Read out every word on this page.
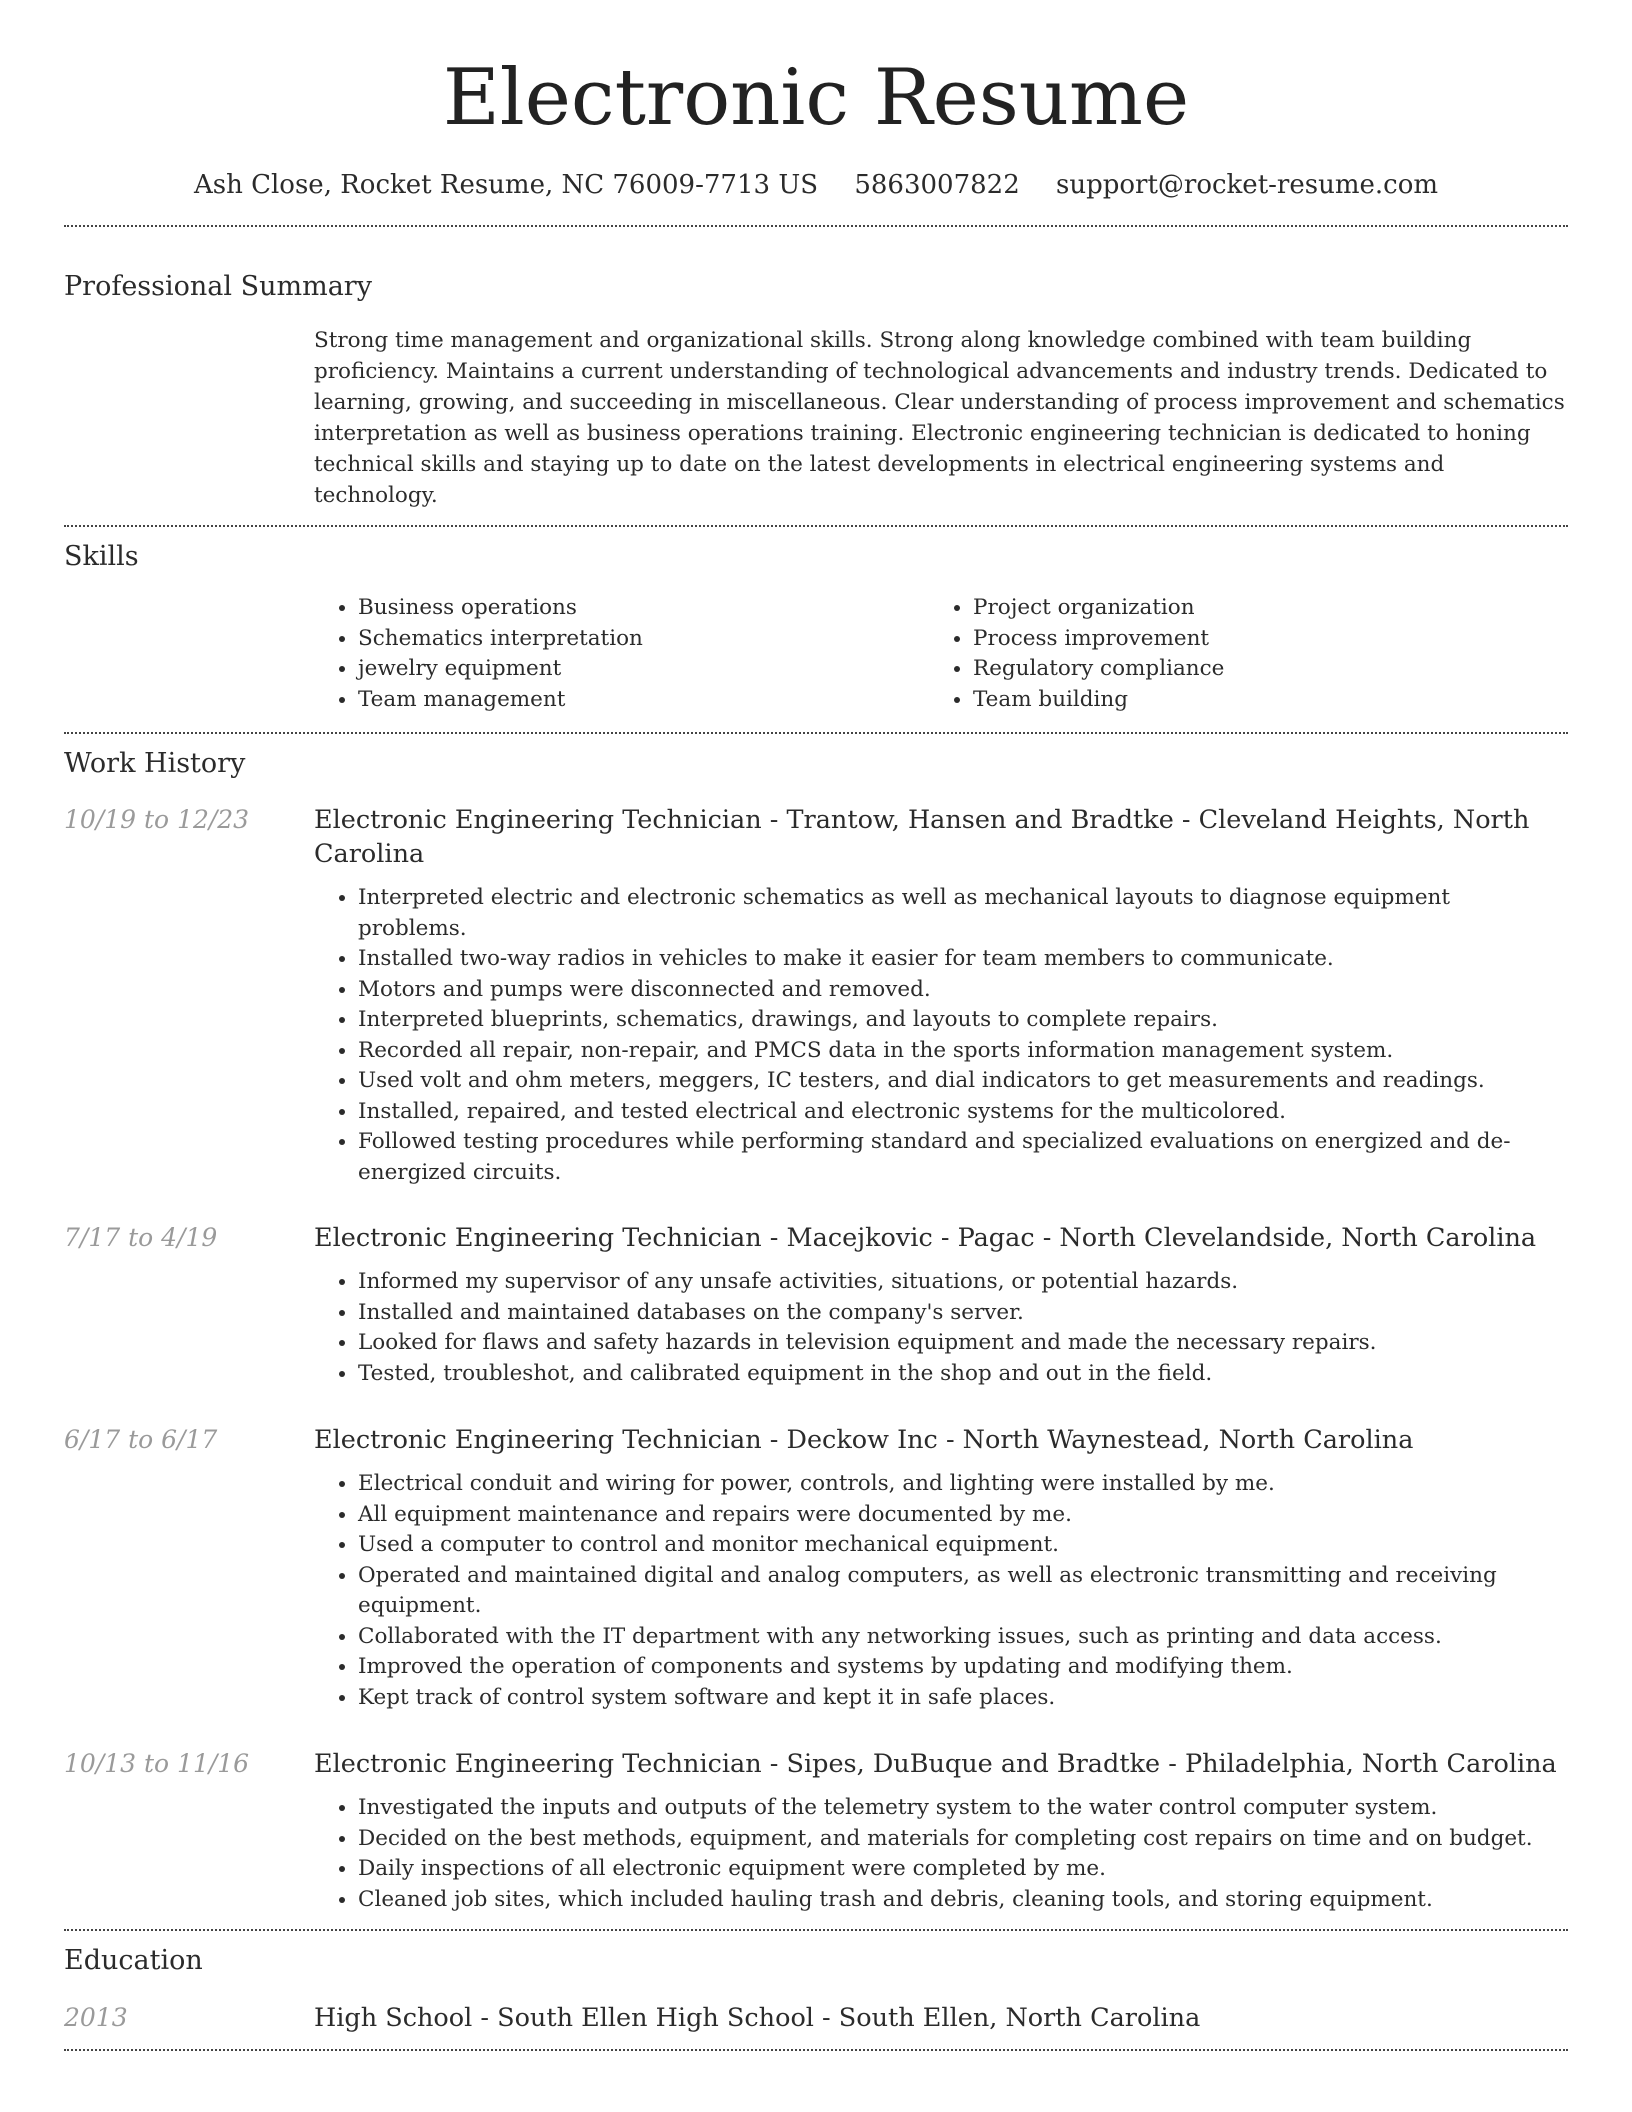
Electronic Resume
Ash Close, Rocket Resume, NC 76009-7713 US 5863007822 support@rocket-resume.com
Professional Summary

Strong time management and organizational skills. Strong along knowledge combined with team building proficiency. Maintains a current understanding of technological advancements and industry trends. Dedicated to learning, growing, and succeeding in miscellaneous. Clear understanding of process improvement and schematics interpretation as well as business operations training. Electronic engineering technician is dedicated to honing technical skills and staying up to date on the latest developments in electrical engineering systems and technology.

Skills
• Business operations
• Schematics interpretation
• jewelry equipment
• Team management
• Project organization
• Process improvement
• Regulatory compliance
• Team building
Work History
10/19 to 12/23	Electronic Engineering Technician - Trantow, Hansen and Bradtke - Cleveland Heights, North Carolina
• Interpreted electric and electronic schematics as well as mechanical layouts to diagnose equipment problems.
• Installed two-way radios in vehicles to make it easier for team members to communicate.
• Motors and pumps were disconnected and removed.
• Interpreted blueprints, schematics, drawings, and layouts to complete repairs.
• Recorded all repair, non-repair, and PMCS data in the sports information management system.
• Used volt and ohm meters, meggers, IC testers, and dial indicators to get measurements and readings.
• Installed, repaired, and tested electrical and electronic systems for the multicolored.
• Followed testing procedures while performing standard and specialized evaluations on energized and de-energized circuits.
7/17 to 4/19	Electronic Engineering Technician - Macejkovic - Pagac - North Clevelandside, North Carolina
• Informed my supervisor of any unsafe activities, situations, or potential hazards.
• Installed and maintained databases on the company's server.
• Looked for flaws and safety hazards in television equipment and made the necessary repairs.
• Tested, troubleshot, and calibrated equipment in the shop and out in the field.
6/17 to 6/17	Electronic Engineering Technician - Deckow Inc - North Waynestead, North Carolina
• Electrical conduit and wiring for power, controls, and lighting were installed by me.
• All equipment maintenance and repairs were documented by me.
• Used a computer to control and monitor mechanical equipment.
• Operated and maintained digital and analog computers, as well as electronic transmitting and receiving equipment.
• Collaborated with the IT department with any networking issues, such as printing and data access.
• Improved the operation of components and systems by updating and modifying them.
• Kept track of control system software and kept it in safe places.
10/13 to 11/16	Electronic Engineering Technician - Sipes, DuBuque and Bradtke - Philadelphia, North Carolina
• Investigated the inputs and outputs of the telemetry system to the water control computer system.
• Decided on the best methods, equipment, and materials for completing cost repairs on time and on budget.
• Daily inspections of all electronic equipment were completed by me.
• Cleaned job sites, which included hauling trash and debris, cleaning tools, and storing equipment.
Education
2013	High School - South Ellen High School - South Ellen, North Carolina
